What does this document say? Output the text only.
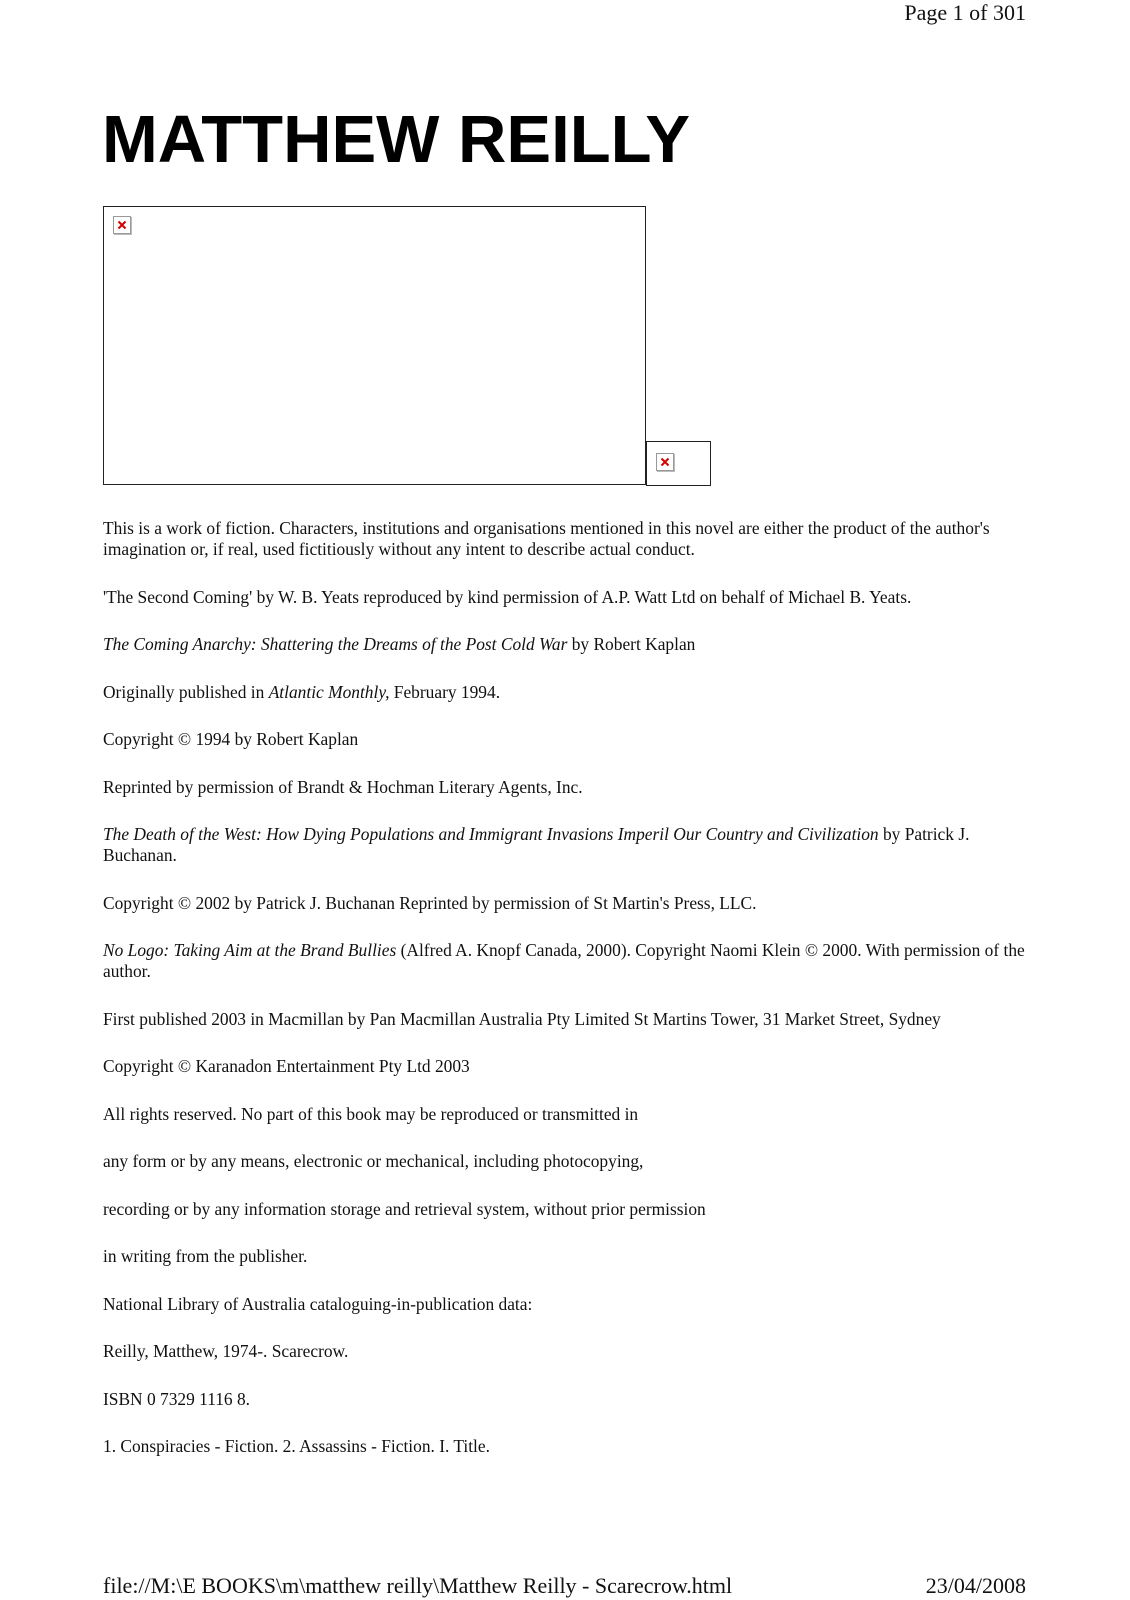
Page 1 of 301
MATTHEW REILLY

This is a work of fiction. Characters, institutions and organisations mentioned in this novel are either the product of the author's imagination or, if real, used fictitiously without any intent to describe actual conduct.

'The Second Coming' by W. B. Yeats reproduced by kind permission of A.P. Watt Ltd on behalf of Michael B. Yeats.

The Coming Anarchy: Shattering the Dreams of the Post Cold War by Robert Kaplan

Originally published in Atlantic Monthly, February 1994.

Copyright © 1994 by Robert Kaplan

Reprinted by permission of Brandt & Hochman Literary Agents, Inc.

The Death of the West: How Dying Populations and Immigrant Invasions Imperil Our Country and Civilization by Patrick J. Buchanan.

Copyright © 2002 by Patrick J. Buchanan Reprinted by permission of St Martin's Press, LLC.

No Logo: Taking Aim at the Brand Bullies (Alfred A. Knopf Canada, 2000). Copyright Naomi Klein © 2000. With permission of the author.

First published 2003 in Macmillan by Pan Macmillan Australia Pty Limited St Martins Tower, 31 Market Street, Sydney

Copyright © Karanadon Entertainment Pty Ltd 2003

All rights reserved. No part of this book may be reproduced or transmitted in

any form or by any means, electronic or mechanical, including photocopying,

recording or by any information storage and retrieval system, without prior permission

in writing from the publisher.

National Library of Australia cataloguing-in-publication data:

Reilly, Matthew, 1974-. Scarecrow.

ISBN 0 7329 1116 8.

1. Conspiracies - Fiction. 2. Assassins - Fiction. I. Title.

file://M:\E BOOKS\m\matthew reilly\Matthew Reilly - Scarecrow.html	23/04/2008
